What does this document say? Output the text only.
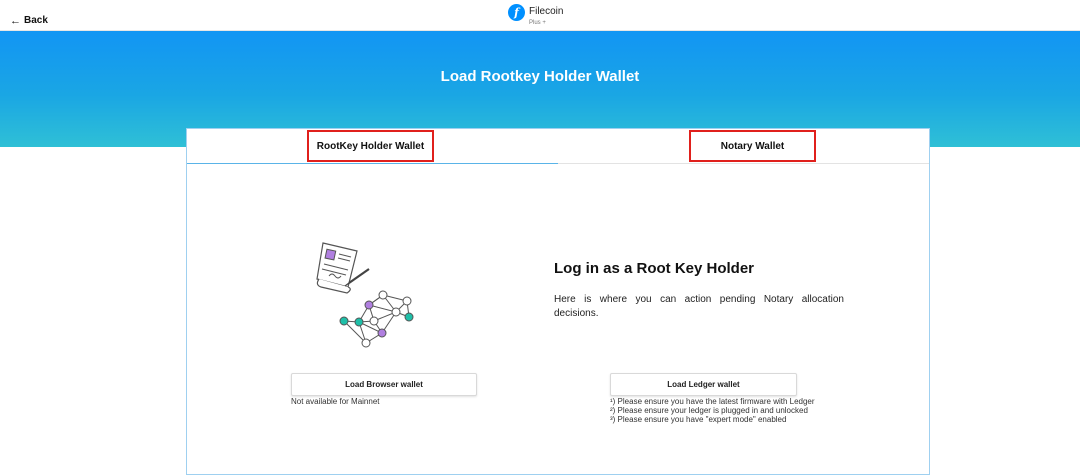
← Back
f	Filecoin
Plus +
Load Rootkey Holder Wallet
RootKey Holder Wallet	Notary Wallet
Log in as a Root Key Holder
Here is where you can action pending Notary allocation decisions.
Load Browser wallet
Not available for Mainnet
Load Ledger wallet
¹) Please ensure you have the latest firmware with Ledger
²) Please ensure your ledger is plugged in and unlocked
³) Please ensure you have "expert mode" enabled
